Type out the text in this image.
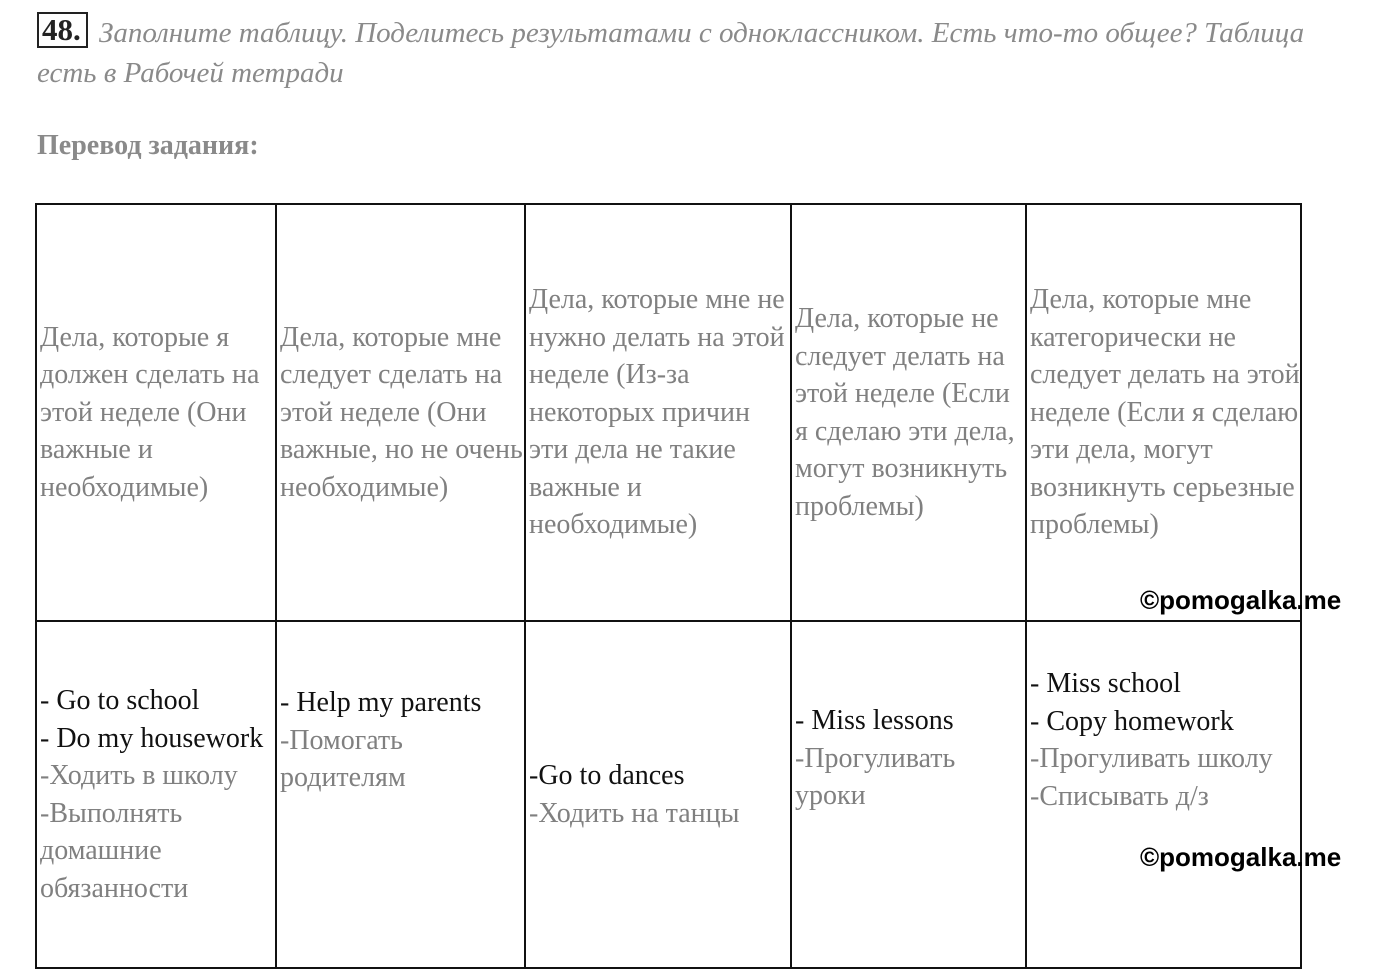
48. Заполните таблицу. Поделитесь результатами с одноклассником. Есть что-то общее? Таблица есть в Рабочей тетради
Перевод задания:
Дела, которые я должен сделать на этой неделе (Они важные и необходимые)	Дела, которые мне следует сделать на этой неделе (Они важные, но не очень необходимые)	Дела, которые мне не нужно делать на этой неделе (Из-за некоторых причин эти дела не такие важные и необходимые)	Дела, которые не следует делать на этой неделе (Если я сделаю эти дела, могут возникнуть проблемы)	Дела, которые мне категорически не следует делать на этой неделе (Если я сделаю эти дела, могут возникнуть серьезные проблемы)

- Go to school
- Do my housework
-Ходить в школу
-Выполнять домашние обязанности	- Help my parents
-Помогать родителям	-Go to dances
-Ходить на танцы	- Miss lessons
-Прогуливать уроки	- Miss school
- Copy homework
-Прогуливать школу
-Списывать д/з
©pomogalka.me
©pomogalka.me
